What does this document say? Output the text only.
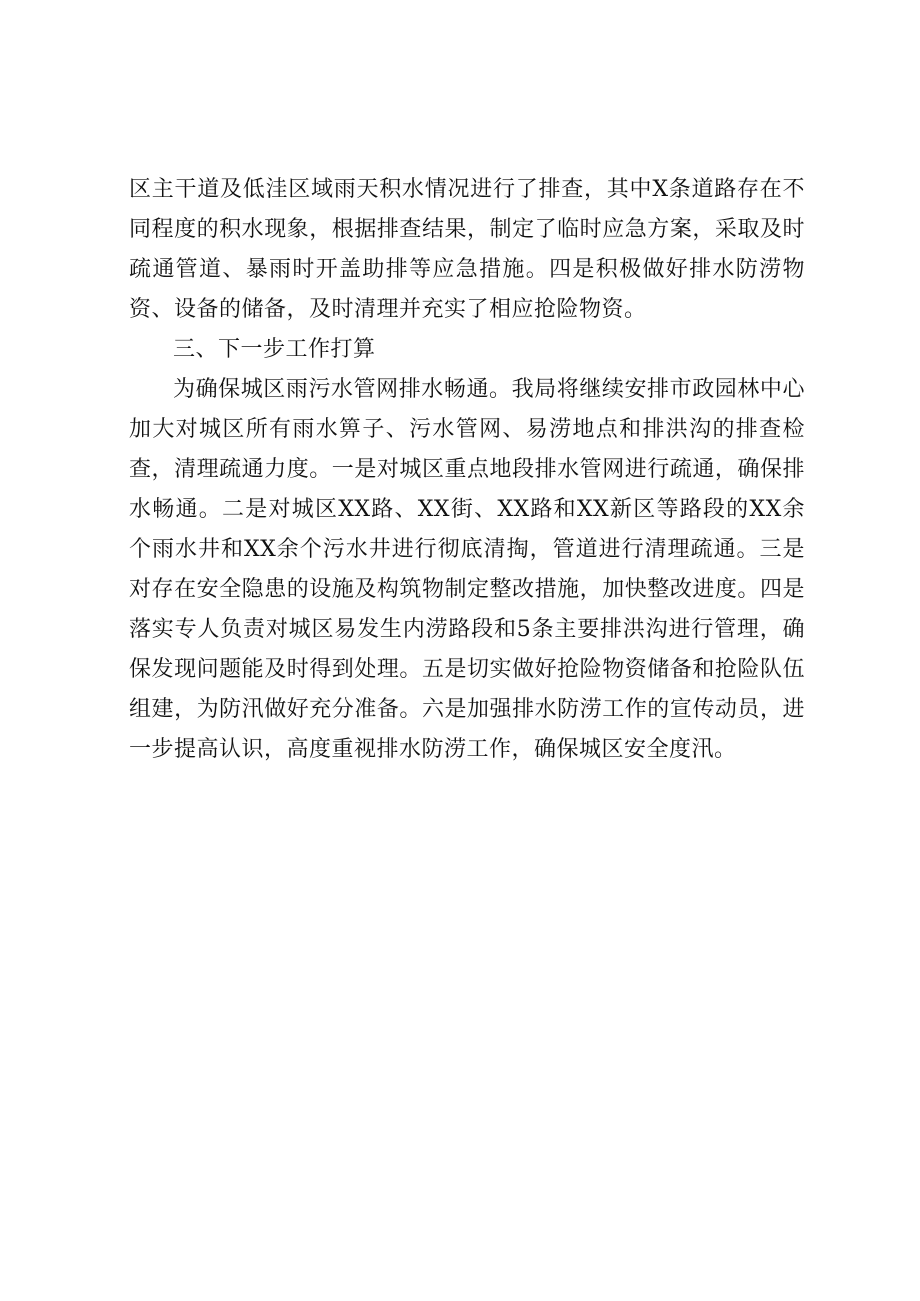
区主干道及低洼区域雨天积水情况进行了排查，其中X条道路存在不同程度的积水现象，根据排查结果，制定了临时应急方案，采取及时疏通管道、暴雨时开盖助排等应急措施。四是积极做好排水防涝物资、设备的储备，及时清理并充实了相应抢险物资。

三、下一步工作打算

为确保城区雨污水管网排水畅通。我局将继续安排市政园林中心加大对城区所有雨水箅子、污水管网、易涝地点和排洪沟的排查检查，清理疏通力度。一是对城区重点地段排水管网进行疏通，确保排水畅通。二是对城区XX路、XX街、XX路和XX新区等路段的XX余个雨水井和XX余个污水井进行彻底清掏，管道进行清理疏通。三是对存在安全隐患的设施及构筑物制定整改措施，加快整改进度。四是落实专人负责对城区易发生内涝路段和5条主要排洪沟进行管理，确保发现问题能及时得到处理。五是切实做好抢险物资储备和抢险队伍组建，为防汛做好充分准备。六是加强排水防涝工作的宣传动员，进一步提高认识，高度重视排水防涝工作，确保城区安全度汛。
